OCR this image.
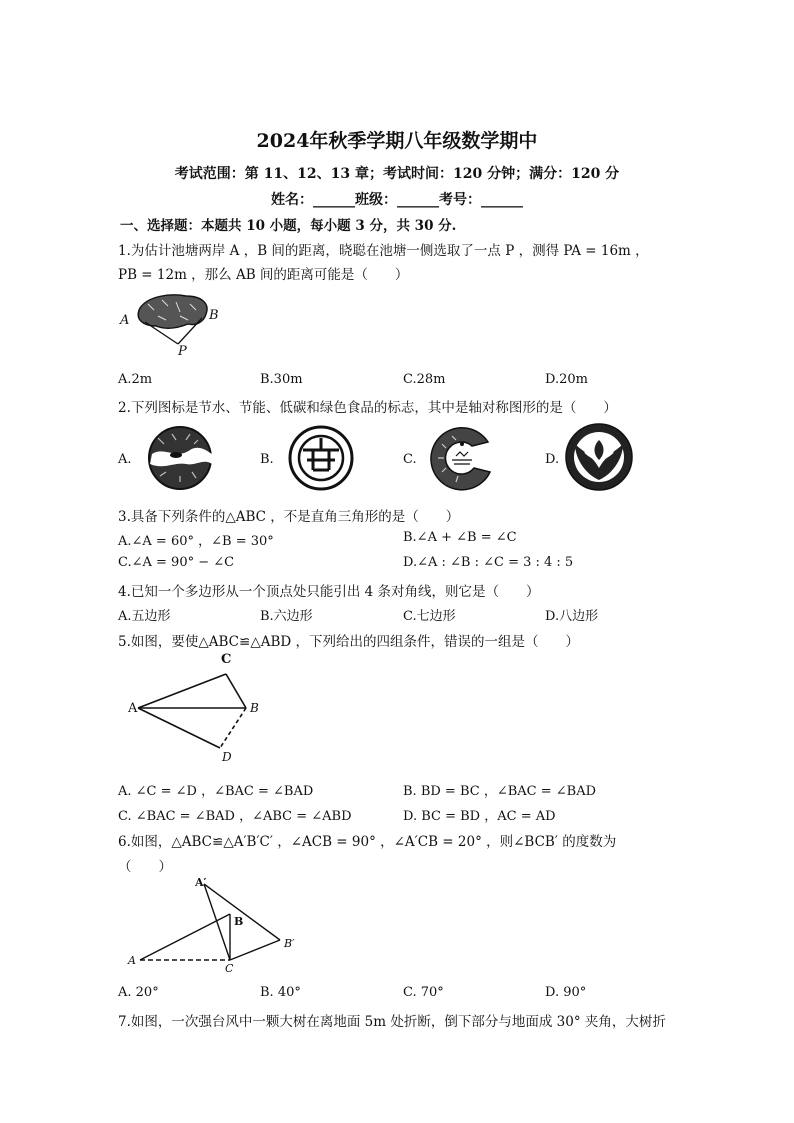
2024年秋季学期八年级数学期中
考试范围：第 11、12、13 章；考试时间：120 分钟；满分：120 分
姓名：______班级：______考号：______
一、选择题：本题共 10 小题，每小题 3 分，共 30 分.
1.为估计池塘两岸 A ，B 间的距离，晓聪在池塘一侧选取了一点 P ，测得 PA = 16m ，
PB = 12m ，那么 AB 间的距离可能是（　　）
A	B
P
A.2m	B.30m	C.28m	D.20m
2.下列图标是节水、节能、低碳和绿色食品的标志，其中是轴对称图形的是（　　）
A.	B.	C.	D.
3.具备下列条件的△ABC ，不是直角三角形的是（　　）
A.∠A = 60° ，∠B = 30°	B.∠A + ∠B = ∠C
C.∠A = 90° − ∠C	D.∠A : ∠B : ∠C = 3 : 4 : 5
4.已知一个多边形从一个顶点处只能引出 4 条对角线，则它是（　　）
A.五边形	B.六边形	C.七边形	D.八边形
5.如图，要使△ABC≌△ABD ，下列给出的四组条件，错误的一组是（　　）
C
A	B
D
A. ∠C = ∠D ，∠BAC = ∠BAD	B. BD = BC ，∠BAC = ∠BAD
C. ∠BAC = ∠BAD ，∠ABC = ∠ABD	D. BC = BD ，AC = AD
6.如图，△ABC≌△A′B′C′ ，∠ACB = 90° ，∠A′CB = 20° ，则∠BCB′ 的度数为
（　　）
A′
B
B′
A
C
A. 20°	B. 40°	C. 70°	D. 90°
7.如图，一次强台风中一颗大树在离地面 5m 处折断，倒下部分与地面成 30° 夹角，大树折
